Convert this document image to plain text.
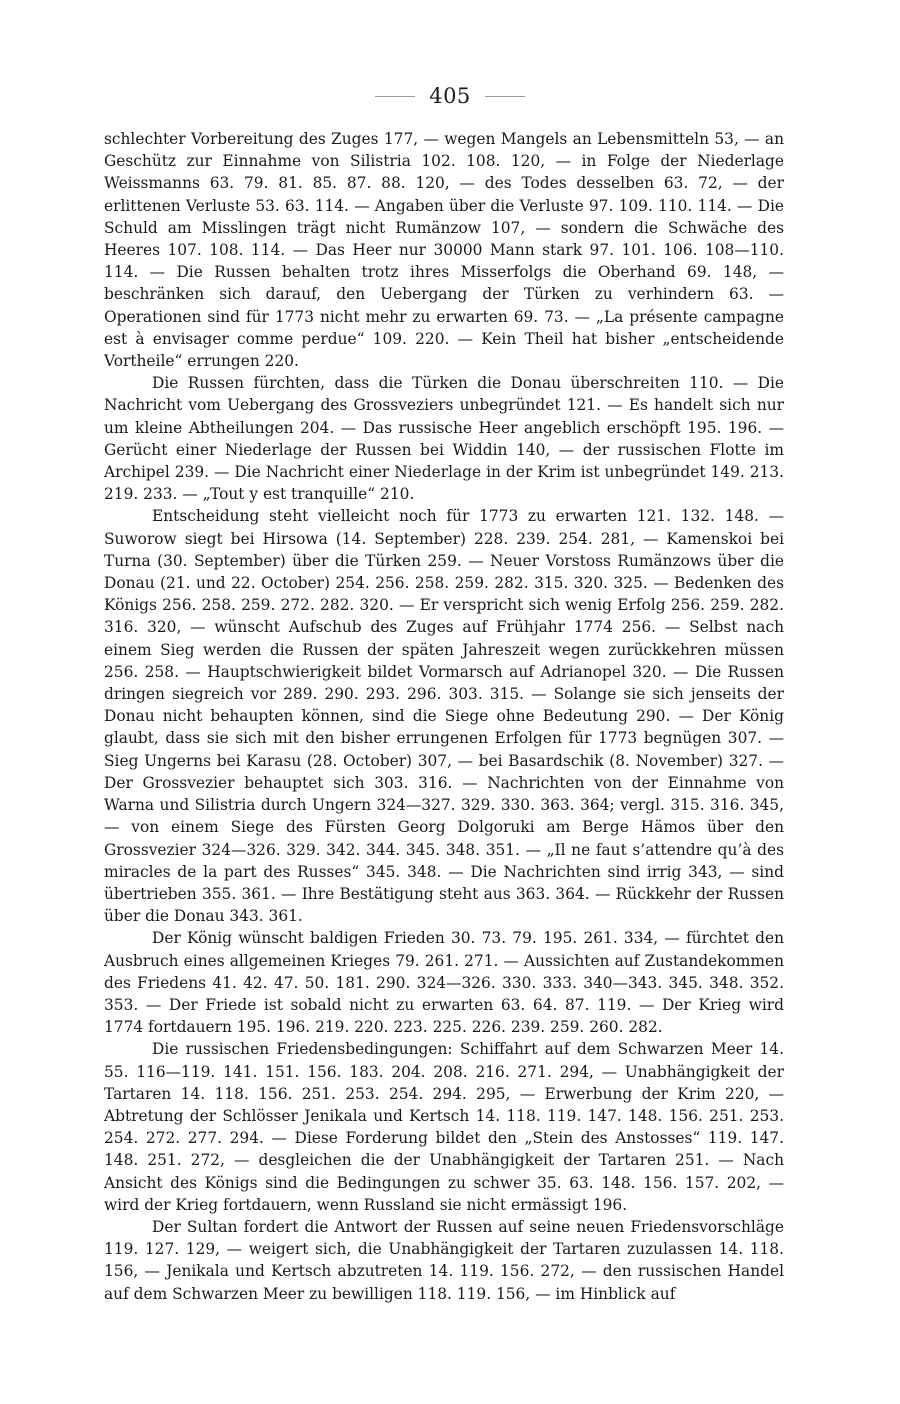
405

schlechter Vorbereitung des Zuges 177, — wegen Mangels an Lebensmitteln 53, — an Geschütz zur Einnahme von Silistria 102. 108. 120, — in Folge der Niederlage Weissmanns 63. 79. 81. 85. 87. 88. 120, — des Todes desselben 63. 72, — der erlittenen Verluste 53. 63. 114. — Angaben über die Verluste 97. 109. 110. 114. — Die Schuld am Misslingen trägt nicht Rumänzow 107, — sondern die Schwäche des Heeres 107. 108. 114. — Das Heer nur 30000 Mann stark 97. 101. 106. 108—110. 114. — Die Russen behalten trotz ihres Misserfolgs die Oberhand 69. 148, — beschränken sich darauf, den Uebergang der Türken zu verhindern 63. — Operationen sind für 1773 nicht mehr zu erwarten 69. 73. — „La présente campagne est à envisager comme perdue“ 109. 220. — Kein Theil hat bisher „entscheidende Vortheile“ errungen 220.

Die Russen fürchten, dass die Türken die Donau überschreiten 110. — Die Nachricht vom Uebergang des Grossveziers unbegründet 121. — Es handelt sich nur um kleine Abtheilungen 204. — Das russische Heer angeblich erschöpft 195. 196. — Gerücht einer Niederlage der Russen bei Widdin 140, — der russischen Flotte im Archipel 239. — Die Nachricht einer Niederlage in der Krim ist unbegründet 149. 213. 219. 233. — „Tout y est tranquille“ 210.

Entscheidung steht vielleicht noch für 1773 zu erwarten 121. 132. 148. — Suworow siegt bei Hirsowa (14. September) 228. 239. 254. 281, — Kamenskoi bei Turna (30. September) über die Türken 259. — Neuer Vorstoss Rumänzows über die Donau (21. und 22. October) 254. 256. 258. 259. 282. 315. 320. 325. — Bedenken des Königs 256. 258. 259. 272. 282. 320. — Er verspricht sich wenig Erfolg 256. 259. 282. 316. 320, — wünscht Aufschub des Zuges auf Frühjahr 1774 256. — Selbst nach einem Sieg werden die Russen der späten Jahreszeit wegen zurückkehren müssen 256. 258. — Hauptschwierigkeit bildet Vormarsch auf Adrianopel 320. — Die Russen dringen siegreich vor 289. 290. 293. 296. 303. 315. — Solange sie sich jenseits der Donau nicht behaupten können, sind die Siege ohne Bedeutung 290. — Der König glaubt, dass sie sich mit den bisher errungenen Erfolgen für 1773 begnügen 307. — Sieg Ungerns bei Karasu (28. October) 307, — bei Basardschik (8. November) 327. — Der Grossvezier behauptet sich 303. 316. — Nachrichten von der Einnahme von Warna und Silistria durch Ungern 324—327. 329. 330. 363. 364; vergl. 315. 316. 345, — von einem Siege des Fürsten Georg Dolgoruki am Berge Hämos über den Grossvezier 324—326. 329. 342. 344. 345. 348. 351. — „Il ne faut s’attendre qu’à des miracles de la part des Russes“ 345. 348. — Die Nachrichten sind irrig 343, — sind übertrieben 355. 361. — Ihre Bestätigung steht aus 363. 364. — Rückkehr der Russen über die Donau 343. 361.

Der König wünscht baldigen Frieden 30. 73. 79. 195. 261. 334, — fürchtet den Ausbruch eines allgemeinen Krieges 79. 261. 271. — Aussichten auf Zustandekommen des Friedens 41. 42. 47. 50. 181. 290. 324—326. 330. 333. 340—343. 345. 348. 352. 353. — Der Friede ist sobald nicht zu erwarten 63. 64. 87. 119. — Der Krieg wird 1774 fortdauern 195. 196. 219. 220. 223. 225. 226. 239. 259. 260. 282.

Die russischen Friedensbedingungen: Schiffahrt auf dem Schwarzen Meer 14. 55. 116—119. 141. 151. 156. 183. 204. 208. 216. 271. 294, — Unabhängigkeit der Tartaren 14. 118. 156. 251. 253. 254. 294. 295, — Erwerbung der Krim 220, — Abtretung der Schlösser Jenikala und Kertsch 14. 118. 119. 147. 148. 156. 251. 253. 254. 272. 277. 294. — Diese Forderung bildet den „Stein des Anstosses“ 119. 147. 148. 251. 272, — desgleichen die der Unabhängigkeit der Tartaren 251. — Nach Ansicht des Königs sind die Bedingungen zu schwer 35. 63. 148. 156. 157. 202, — wird der Krieg fortdauern, wenn Russland sie nicht ermässigt 196.

Der Sultan fordert die Antwort der Russen auf seine neuen Friedensvorschläge 119. 127. 129, — weigert sich, die Unabhängigkeit der Tartaren zuzulassen 14. 118. 156, — Jenikala und Kertsch abzutreten 14. 119. 156. 272, — den russischen Handel auf dem Schwarzen Meer zu bewilligen 118. 119. 156, — im Hinblick auf
